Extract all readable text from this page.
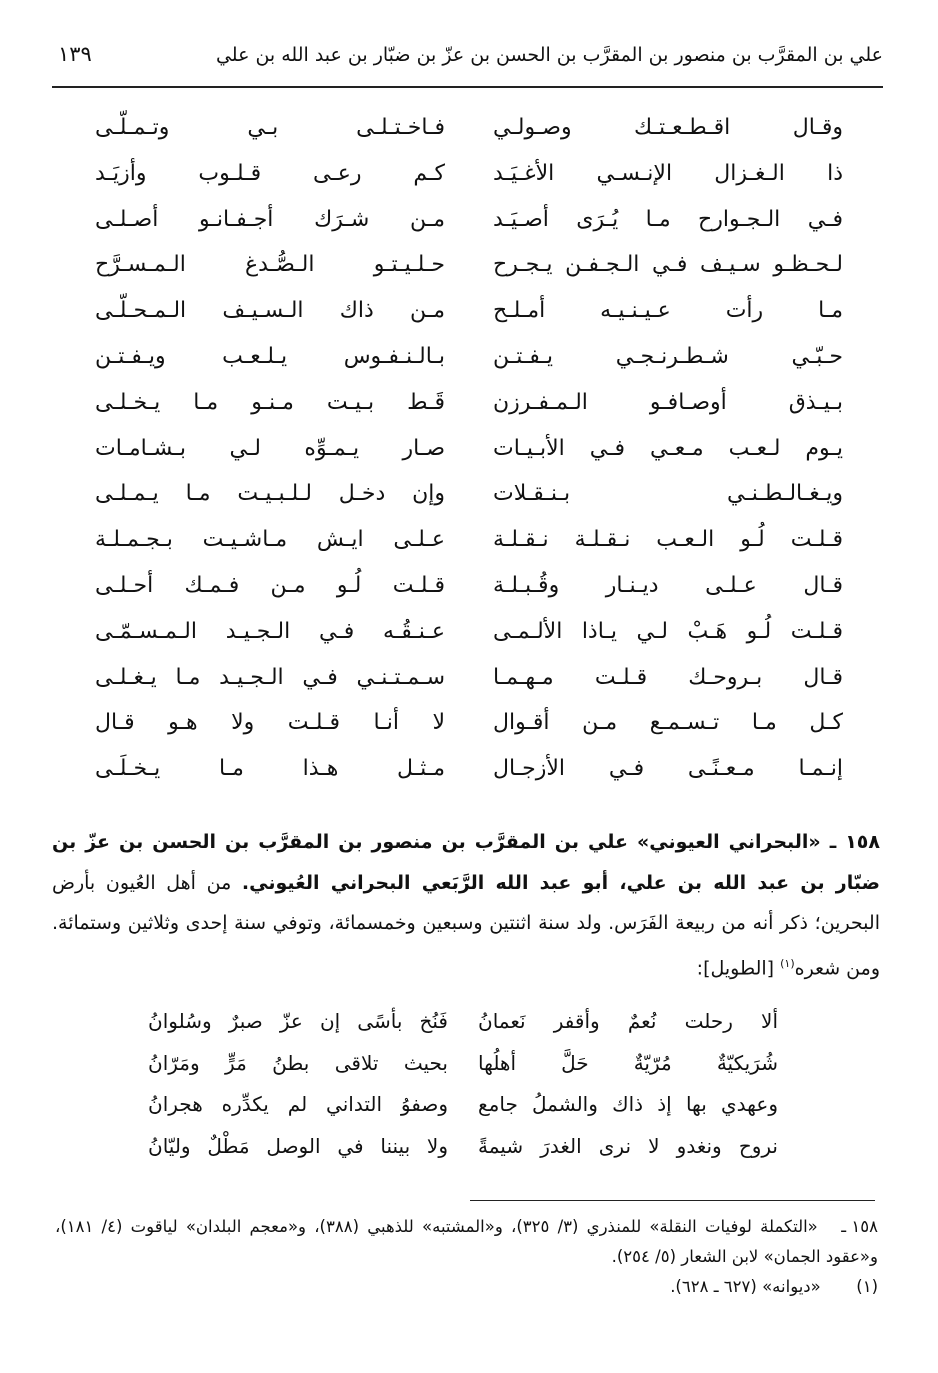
علي بن المقرَّب بن منصور بن المقرَّب بن الحسن بن عزّ بن ضبّار بن عبد الله بن علي
١٣٩
وقـال اقـطـعـتـك وصـولـي
فـاخـتـلـى بـي وتـمـلّـى
ذا الـغـزال الإنـسـي الأغـيَـد
كـم رعـى قـلـوب وأزيَـد
فـي الـجـوارح مـا يُـرَى أصـيَـد
مـن شـرَك أجـفـانـو أصـلـى
لـحـظـو سـيـف فـي الـجـفـن يـجـرح
حـلـيـتـو الـصُّـدغ الـمـسـرَّح
مـا رأت عـيـنـيـه أمـلـح
مـن ذاك الـسـيـف الـمـحـلّـى
حـبّـي شـطـرنـجـي يـفـتـن
بـالـنـفـوس يـلـعـب ويـفـتـن
بـيـذق أوصـافـو الـمـفـرزن
قَـط بـيـت مـنـو مـا يـخـلـى
يـوم لـعـب مـعـي فـي الأبـيـات
صـار يـمـوِّه لـي بـشـامـات
ويـغـالـطـنـي بـنـقـلات
وإن دخـل لـلـبـيـت مـا يـمـلـى
قـلـت لُـو الـعـب نـقـلـة نـقـلـة
عـلـى ايـش مـاشـيـت بـجـمـلـة
قـال عـلـى ديـنـار وقُـبـلـة
قـلـت لُـو مـن فـمـك أحـلـى
قـلـت لُـو هَـبْ لـي يـاذا الألـمـى
عـنـقُـه فـي الـجـيـد الـمـسـمّـى
قـال بـروحـك قـلـت مـهـمـا
سـمـتـنـي فـي الـجـيـد مـا يـغـلـى
كـل مـا تـسـمـع مـن أقـوال
لا أنـا قـلـت ولا هـو قـال
إنـمـا مـعـنًـى فـي الأزجـال
مـثـل هـذا مـا يـخـلَـى
١٥٨ ـ «البحراني العيوني» علي بن المقرَّب بن منصور بن المقرَّب بن الحسن بن عزّ بن ضبّار بن عبد الله بن علي، أبو عبد الله الرَّبَعي البحراني العُيوني. من أهل العُيون بأرض البحرين؛ ذكر أنه من ربيعة الفَرَس. ولد سنة اثنتين وسبعين وخمسمائة، وتوفي سنة إحدى وثلاثين وستمائة. ومن شعره$^{(١)}$ [الطويل]:
ألا رحلت نُعمٌ وأقفر نَعمانُ
فَنُخ بأسًى إن عزّ صبرٌ وسُلوانُ
شُرَيكيّةٌ مُرّيّةٌ حَلَّ أهلُها
بحيث تلاقى بطنُ مَرٍّ ومَرّانُ
وعهدي بها إذ ذاك والشملُ جامع
وصفوُ التداني لم يكدِّره هجرانُ
نروح ونغدو لا نرى الغدرَ شيمةً
ولا بيننا في الوصل مَطْلٌ وليّانُ
١٥٨ ـ «التكملة لوفيات النقلة» للمنذري (٣/ ٣٢٥)، و«المشتبه» للذهبي (٣٨٨)، و«معجم البلدان» لياقوت (٤/ ١٨١)، و«عقود الجمان» لابن الشعار (٥/ ٢٥٤).
(١) «ديوانه» (٦٢٧ ـ ٦٢٨).
